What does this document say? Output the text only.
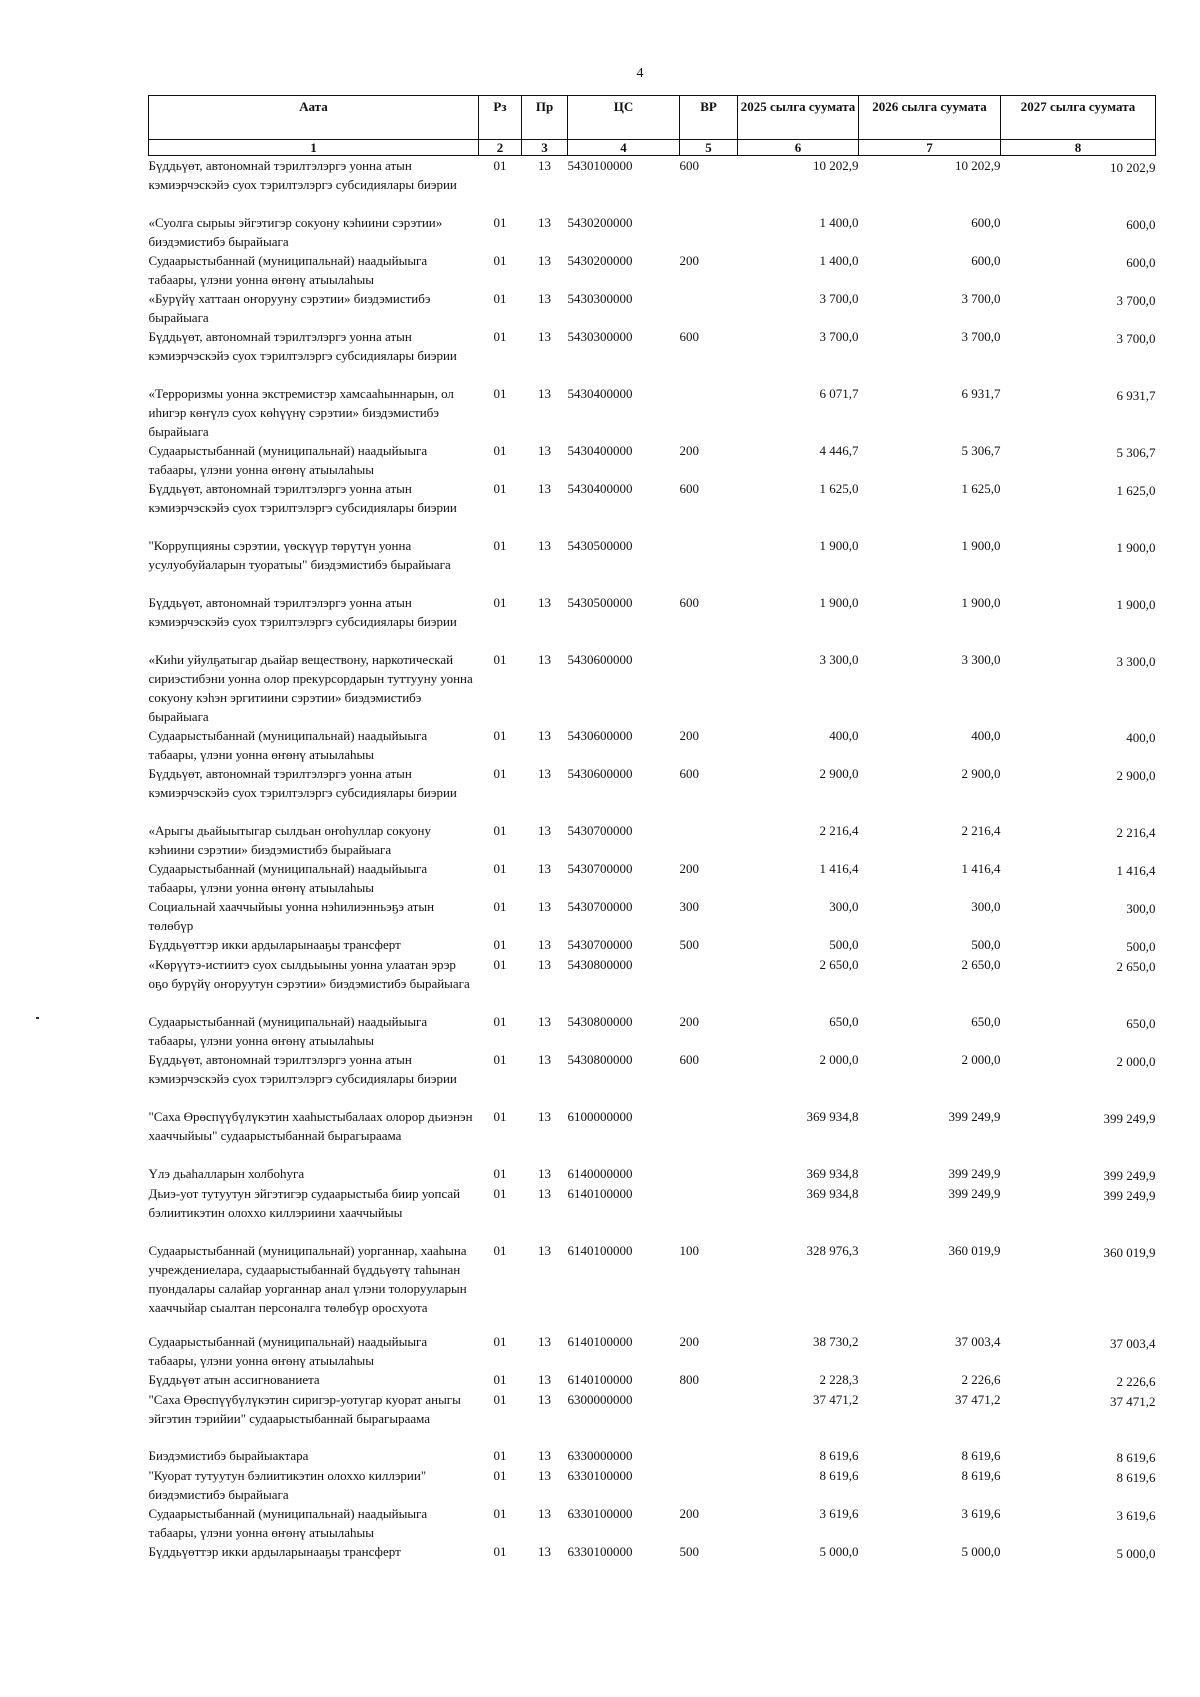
4
Аата	Рз	Пр	ЦС	ВР	2025 сылга суумата	2026 сылга суумата	2027 сылга суумата
1	2	3	4	5	6	7	8
Бүддьүөт, автономнай тэрилтэлэргэ уонна атын кэмиэрчэскэйэ суох тэрилтэлэргэ субсидиялары биэрии	01	13	5430100000	600	10 202,9	10 202,9	10 202,9
«Суолга сырыы эйгэтигэр сокуону кэһиини сэрэтии» биэдэмистибэ бырайыага	01	13	5430200000		1 400,0	600,0	600,0
Судаарыстыбаннай (муниципальнай) наадыйыыга табаары, үлэни уонна өҥөнү атыылаһыы	01	13	5430200000	200	1 400,0	600,0	600,0
«Бурүйү хаттаан оҥорууну сэрэтии» биэдэмистибэ бырайыага	01	13	5430300000		3 700,0	3 700,0	3 700,0
Бүддьүөт, автономнай тэрилтэлэргэ уонна атын кэмиэрчэскэйэ суох тэрилтэлэргэ субсидиялары биэрии	01	13	5430300000	600	3 700,0	3 700,0	3 700,0
«Терроризмы уонна экстремистэр хамсааһыннарын, ол иһигэр көҥүлэ суох көһүүнү сэрэтии» биэдэмистибэ бырайыага	01	13	5430400000		6 071,7	6 931,7	6 931,7
Судаарыстыбаннай (муниципальнай) наадыйыыга табаары, үлэни уонна өҥөнү атыылаһыы	01	13	5430400000	200	4 446,7	5 306,7	5 306,7
Бүддьүөт, автономнай тэрилтэлэргэ уонна атын кэмиэрчэскэйэ суох тэрилтэлэргэ субсидиялары биэрии	01	13	5430400000	600	1 625,0	1 625,0	1 625,0
"Коррупцияны сэрэтии, үөскүүр төрүтүн уонна усулуобуйаларын туоратыы" биэдэмистибэ бырайыага	01	13	5430500000		1 900,0	1 900,0	1 900,0
Бүддьүөт, автономнай тэрилтэлэргэ уонна атын кэмиэрчэскэйэ суох тэрилтэлэргэ субсидиялары биэрии	01	13	5430500000	600	1 900,0	1 900,0	1 900,0
«Киһи уйулҕатыгар дьайар веществону, наркотическай сириэстибэни уонна олор прекурсордарын туттууну уонна сокуону кэһэн эргитиини сэрэтии» биэдэмистибэ бырайыага	01	13	5430600000		3 300,0	3 300,0	3 300,0
Судаарыстыбаннай (муниципальнай) наадыйыыга табаары, үлэни уонна өҥөнү атыылаһыы	01	13	5430600000	200	400,0	400,0	400,0
Бүддьүөт, автономнай тэрилтэлэргэ уонна атын кэмиэрчэскэйэ суох тэрилтэлэргэ субсидиялары биэрии	01	13	5430600000	600	2 900,0	2 900,0	2 900,0
«Арыгы дьайыытыгар сылдьан оҥоһуллар сокуону кэһиини сэрэтии» биэдэмистибэ бырайыага	01	13	5430700000		2 216,4	2 216,4	2 216,4
Судаарыстыбаннай (муниципальнай) наадыйыыга табаары, үлэни уонна өҥөнү атыылаһыы	01	13	5430700000	200	1 416,4	1 416,4	1 416,4
Социальнай хааччыйыы уонна нэһилиэнньэҕэ атын төлөбүр	01	13	5430700000	300	300,0	300,0	300,0
Бүддьүөттэр икки ардыларынааҕы трансферт	01	13	5430700000	500	500,0	500,0	500,0
«Көрүүтэ-истиитэ суох сылдьыыны уонна улаатан эрэр оҕо бурүйү оҥоруутун сэрэтии» биэдэмистибэ бырайыага	01	13	5430800000		2 650,0	2 650,0	2 650,0
Судаарыстыбаннай (муниципальнай) наадыйыыга табаары, үлэни уонна өҥөнү атыылаһыы	01	13	5430800000	200	650,0	650,0	650,0
Бүддьүөт, автономнай тэрилтэлэргэ уонна атын кэмиэрчэскэйэ суох тэрилтэлэргэ субсидиялары биэрии	01	13	5430800000	600	2 000,0	2 000,0	2 000,0
"Саха Өрөспүүбүлүкэтин хааһыстыбалаах олорор дьиэнэн хааччыйыы" судаарыстыбаннай бырагыраама	01	13	6100000000		369 934,8	399 249,9	399 249,9
Үлэ дьаһалларын холбоһуга	01	13	6140000000		369 934,8	399 249,9	399 249,9
Дьиэ-уот тутуутун эйгэтигэр судаарыстыба биир уопсай бэлиитикэтин олоххо киллэриини хааччыйыы	01	13	6140100000		369 934,8	399 249,9	399 249,9
Судаарыстыбаннай (муниципальнай) уорганнар, хааһына учреждениелара, судаарыстыбаннай бүддьүөтү таһынан пуондалары салайар уорганнар анал үлэни толорууларын хааччыйар сыалтан персоналга төлөбүр оросхуота	01	13	6140100000	100	328 976,3	360 019,9	360 019,9
Судаарыстыбаннай (муниципальнай) наадыйыыга табаары, үлэни уонна өҥөнү атыылаһыы	01	13	6140100000	200	38 730,2	37 003,4	37 003,4
Бүддьүөт атын ассигнованиета	01	13	6140100000	800	2 228,3	2 226,6	2 226,6
"Саха Өрөспүүбүлүкэтин сиригэр-уотугар куорат аныгы эйгэтин тэрийии" судаарыстыбаннай бырагыраама	01	13	6300000000		37 471,2	37 471,2	37 471,2
Биэдэмистибэ бырайыактара	01	13	6330000000		8 619,6	8 619,6	8 619,6
"Куорат тутуутун бэлиитикэтин олоххо киллэрии" биэдэмистибэ бырайыага	01	13	6330100000		8 619,6	8 619,6	8 619,6
Судаарыстыбаннай (муниципальнай) наадыйыыга табаары, үлэни уонна өҥөнү атыылаһыы	01	13	6330100000	200	3 619,6	3 619,6	3 619,6
Бүддьүөттэр икки ардыларынааҕы трансферт	01	13	6330100000	500	5 000,0	5 000,0	5 000,0
